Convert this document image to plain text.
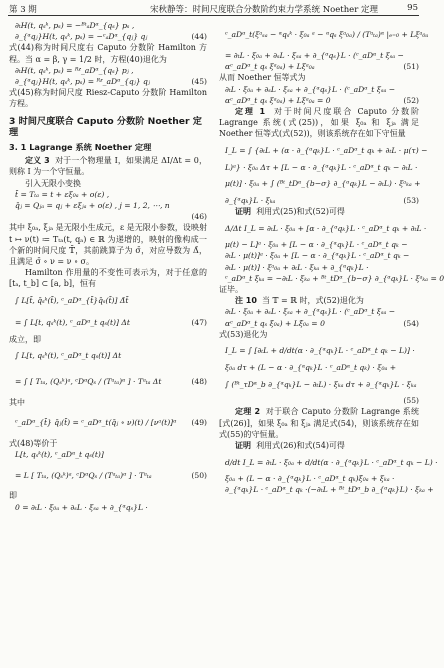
第 3 期	宋秋静等：时间尺度联合分数阶约束力学系统 Noether 定理	95
∂ₜH(t, qₛᵏ, pₛ) = −ᴮᵗₐDᵅ_{qₛ} pₛ ,
∂_{ᵅqⱼ}H(t, qₛᵏ, pₛ) = −ᶜₐDᵅ_{qⱼ} qⱼ	(44)
式(44)称为时间尺度右 Caputo 分数阶 Hamilton 方程。当 α = β, γ = 1/2 时，方程(40)退化为
∂ₜH(t, qₛᵏ, pₛ) = ᴿᶻ_aDᵅ_{qₛ} pⱼ ,
∂_{ᵅqⱼ}H(t, qₛᵏ, pₛ) = ᴿᶻ_aDᵅ_{qⱼ} qⱼ	(45)
式(45)称为时间尺度 Riesz-Caputo 分数阶 Hamilton 方程。
3 时间尺度联合 Caputo 分数阶 Noether 定理
3. 1 Lagrange 系统 Noether 定理
定义 3 对于一个物理量 I，如果满足 ΔI/Δt = 0，则称 I 为一个守恒量。
引入无限小变换
t̄ = Tₜₐ = t + εξ₀ₐ + o(ε) ,
q̄ⱼ = Qⱼₐ = qⱼ + εξⱼₐ + o(ε) , j = 1, 2, ⋯, n
(46)
其中 ξ₀ₐ, ξⱼₐ 是无限小生成元，ε 是无限小参数，设映射 t ↦ ν(t) ≔ Tₜₐ(t, qₐ) ∈ ℝ 为递增的，映射的像构成一个新的时间尺度 𝕋̄，其前跳算子为 σ̄，对应导数为 Δ̄，且满足 σ̄ ∘ ν = ν ∘ σ。
Hamilton 作用量的不变性可表示为，对于任意的 [tₐ, t_b] ⊂ [a, b]，恒有
∫ L[t̄, q̄ₛᵏ(t̄), ᶜ_aDᵅ_{t̄}q̄ₛ(t̄)] Δ̄t̄
= ∫ L[t, qₛᵏ(t), ᶜ_aDᵅ_t qₛ(t)] Δt	(47)
成立，即
∫ L[t, qₛᵏ(t), ᶜ_aDᵅ_t qₛ(t)] Δt
= ∫ [ Tₜₐ, (Qₛᵏ)ᵃ, ᶜDᵅQₛ / (Tᵃₜₐ)ᵅ ] · Tᵃₜₐ Δt	(48)
其中
ᶜ_aDᵅ_{t̄} q̄ⱼ(t̄) = ᶜ_aDᵅ_t(q̄ⱼ ∘ ν)(t) / [νᵃ(t)]ᵅ	(49)
式(48)等价于
L[t, qₛᵏ(t), ᶜ_aDᵅ_t qₛ(t)]
= L [ Tₜₐ, (Qₛᵏ)ᵃ, ᶜDᵅQₛ / (Tᵃₜₐ)ᵅ ] · Tᵃₜₐ	(50)
即
0 = ∂ₜL · ξ₀ₐ + ∂ₛL · ξₛₐ + ∂_{ᵅqₛ}L ·
ᶜ_aDᵅ_t(ξᵃₛₐ − ᵅqₛᵏ · ξ₀ₐ ᵃ − ᵅqₛ ξᵃ₀ₐ) / (Tᵃₜₐ)ᵅ |ₑ₌₀ + Lξᵃ₀ₐ
= ∂ₜL · ξ₀ₐ + ∂ₛL · ξₛₐ + ∂_{ᵅqₛ}L · (ᶜ_aDᵅ_t ξₛₐ −
αᶜ_aDᵅ_t qₛ ξᵃ₀ₐ) + Lξᵃ₀ₐ	(51)
从而 Noether 恒等式为
∂ₜL · ξ₀ₐ + ∂ₛL · ξₛₐ + ∂_{ᵅqₛ}L · (ᶜ_aDᵅ_t ξₛₐ −
αᶜ_aDᵅ_t qₛ ξᵃ₀ₐ) + Lξᵃ₀ₐ = 0	(52)
定理 1 对于时间尺度联合 Caputo 分数阶 Lagrange 系统(式(25))，如果 ξ₀ₐ 和 ξⱼₐ 满足 Noether 恒等式(式(52))，则该系统存在如下守恒量
I_L = ∫ {∂ₜL + (α · ∂_{ᵅqₖ}L · ᶜ_aDᵅ_t qₖ + ∂ₜL · μ(τ) −
L)ᵃ} · ξ₀ₐ Δτ + [L − α · ∂_{ᵅqₖ}L · ᶜ_aDᵅ_t qₖ − ∂ₜL ·
μ(t)] · ξ₀ₐ + ∫ (ᴮᵗ_tDᵅ_{b−σ} ∂_{ᵅqₖ}L − ∂ₜL) · ξᵃₖₐ +
∂_{ᵅqₖ}L · ξₖₐ	(53)
证明 利用式(25)和式(52)可得
Δ/Δt I_L = ∂ₜL · ξ₀ₐ + [α · ∂_{ᵅqₖ}L · ᶜ_aDᵅ_t qₖ + ∂ₜL ·
μ(t) − L]ᵃ · ξ₀ₐ + [L − α · ∂_{ᵅqₖ}L · ᶜ_aDᵅ_t qₖ −
∂ₜL · μ(t)]ᵃ · ξ₀ₐ + [L − α · ∂_{ᵅqₖ}L · ᶜ_aDᵅ_t qₖ −
∂ₜL · μ(t)] · ξᵃ₀ₐ + ∂ₜL · ξₖₐ + ∂_{ᵅqₖ}L ·
ᶜ_aDᵅ_t ξₖₐ = −∂ₜL · ξₖₐ + ᴮᵗ_tDᵅ_{b−σ} ∂_{ᵅqₖ}L · ξᵃₖₐ = 0
证毕。
注 10 当 𝕋 = ℝ 时，式(52)退化为
∂ₜL · ξ₀ₐ + ∂ₛL · ξₛₐ + ∂_{ᵅqₛ}L · (ᶜ_aDᵅ_t ξₛₐ −
αᶜ_aDᵅ_t qₛ ξ̇₀ₐ) + Lξ̇₀ₐ = 0	(54)
式(53)退化为
I_L = ∫ [∂ₜL + d/dt(α · ∂_{ᵅqₖ}L · ᶜ_aDᵅ_t qₖ − L)] ·
ξ₀ₐ dτ + (L − α · ∂_{ᵅqₖ}L · ᶜ_aDᵅ_t qₖ) · ξ₀ₐ +
∫ (ᴮᵗ_τDᵅ_b ∂_{ᵅqₖ}L − ∂ₜL) · ξₖₐ dτ + ∂_{ᵅqₖ}L · ξₖₐ
(55)
定理 2 对于联合 Caputo 分数阶 Lagrange 系统[式(26)]，如果 ξ₀ₐ 和 ξⱼₐ 满足式(54)，则该系统存在如式(55)的守恒量。
证明 利用式(26)和式(54)可得
d/dt I_L = ∂ₜL · ξ₀ₐ + d/dt(α · ∂_{ᵅqₖ}L · ᶜ_aDᵅ_t qₖ − L) ·
ξ₀ₐ + (L − α · ∂_{ᵅqₖ}L · ᶜ_aDᵅ_t qₖ)ξ̇₀ₐ + ξₖₐ ·
∂_{ᵅqₖ}L · ᶜ_aDᵅ_t qₖ ·(−∂ₜL + ᴮᵗ_tDᵅ_b ∂_{ᵅqₖ}L) · ξₖₐ +
